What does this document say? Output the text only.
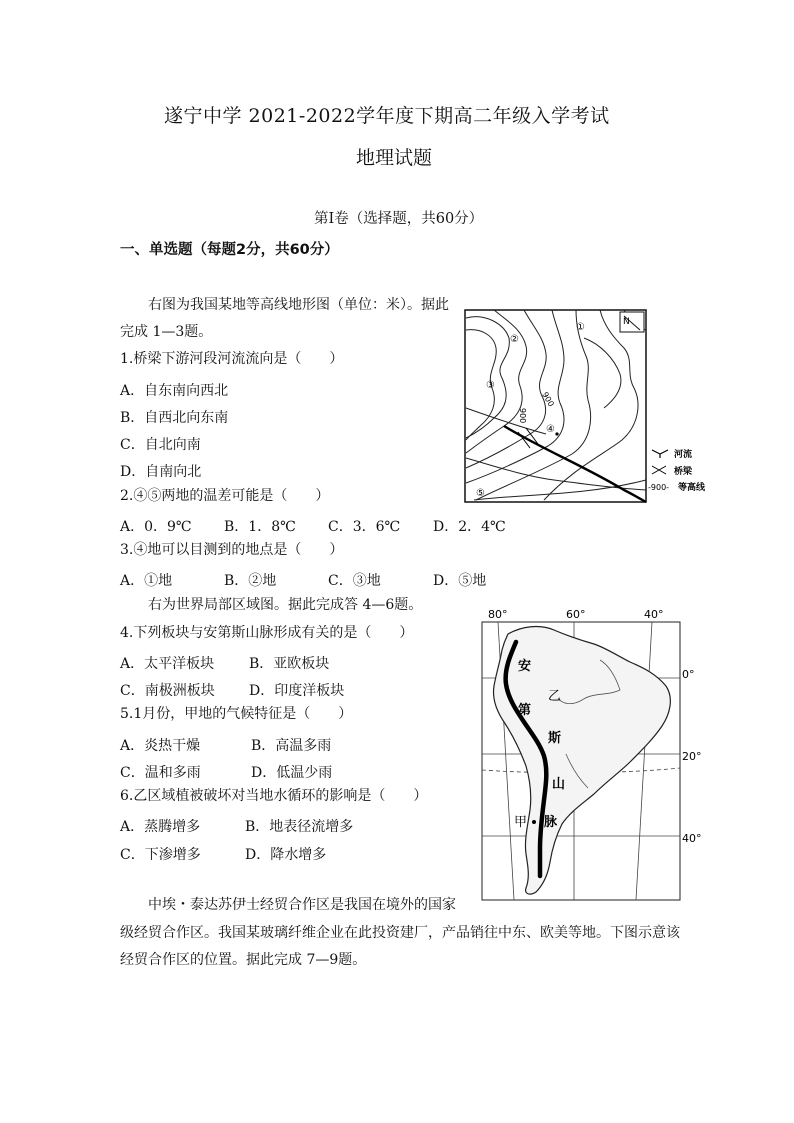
遂宁中学 2021-2022学年度下期高二年级入学考试
地理试题
第Ⅰ卷（选择题，共60分）
一、单选题（每题2分，共60分）
右图为我国某地等高线地形图（单位：米）。据此
完成 1—3题。
1.桥梁下游河段河流流向是（　　）
A．自东南向西北
B．自西北向东南
C．自北向南
D．自南向北
2.④⑤两地的温差可能是（　　）
A．0．9℃ B．1．8℃ C．3．6℃ D．2．4℃
3.④地可以目测到的地点是（　　）
A．①地	B．②地	C．③地	D．⑤地
900
900
①
②
③
④
⑤
N
河流
桥梁
-900- 等高线
右为世界局部区域图。据此完成答 4—6题。
4.下列板块与安第斯山脉形成有关的是（　　）
A．太平洋板块 B．亚欧板块
C．南极洲板块 D．印度洋板块
5.1月份，甲地的气候特征是（　　）
A．炎热干燥	B．高温多雨
C．温和多雨	D．低温少雨
6.乙区域植被破坏对当地水循环的影响是（　　）
A．蒸腾增多	B．地表径流增多
C．下渗增多	D．降水增多
80°	60°	40°
0°
20°
40°
安
第
斯
山
脉
乙
甲
中埃・泰达苏伊士经贸合作区是我国在境外的国家
级经贸合作区。我国某玻璃纤维企业在此投资建厂，产品销往中东、欧美等地。下图示意该
经贸合作区的位置。据此完成 7—9题。
